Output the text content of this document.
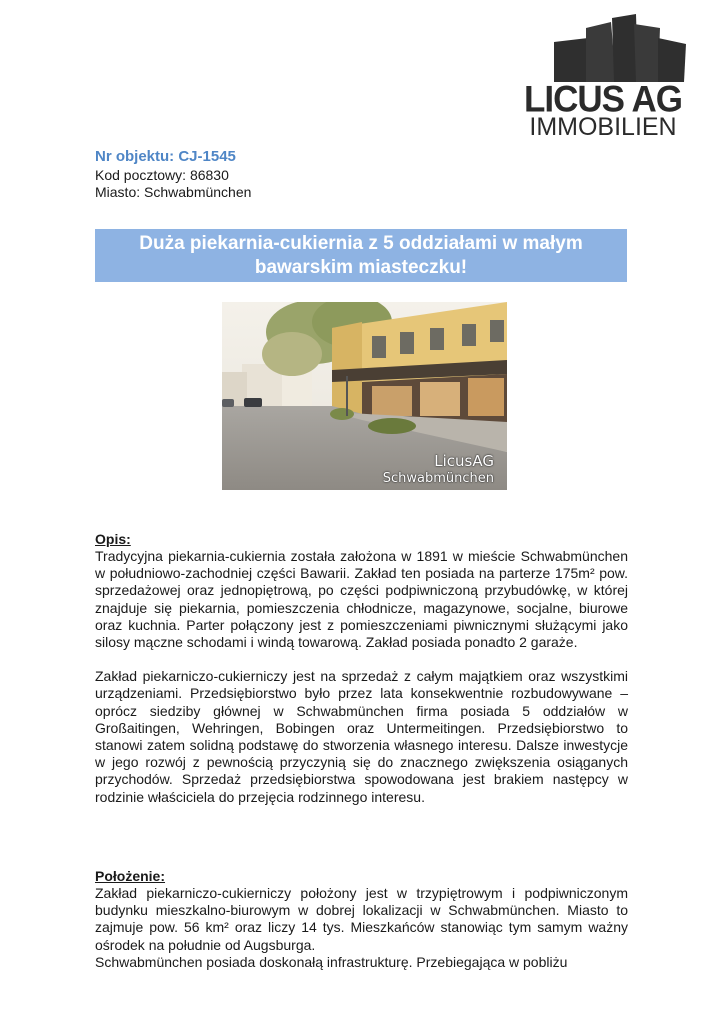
LICUS AG
IMMOBILIEN
Nr objektu: CJ-1545
Kod pocztowy: 86830
Miasto: Schwabmünchen
Duża piekarnia-cukiernia z 5 oddziałami w małym
bawarskim miasteczku!
LicusAG
Schwabmünchen
Opis:

Tradycyjna piekarnia-cukiernia została założona w 1891 w mieście Schwabmünchen w południowo-zachodniej części Bawarii. Zakład ten posiada na parterze 175m² pow. sprzedażowej oraz jednopiętrową, po części podpiwniczoną przybudówkę, w której znajduje się piekarnia, pomieszczenia chłodnicze, magazynowe, socjalne, biurowe oraz kuchnia. Parter połączony jest z pomieszczeniami piwnicznymi służącymi jako silosy mączne schodami i windą towarową. Zakład posiada ponadto 2 garaże.

Zakład piekarniczo-cukierniczy jest na sprzedaż z całym majątkiem oraz wszystkimi urządzeniami. Przedsiębiorstwo było przez lata konsekwentnie rozbudowywane – oprócz siedziby głównej w Schwabmünchen firma posiada 5 oddziałów w Großaitingen, Wehringen, Bobingen oraz Untermeitingen. Przedsiębiorstwo to stanowi zatem solidną podstawę do stworzenia własnego interesu. Dalsze inwestycje w jego rozwój z pewnością przyczynią się do znacznego zwiększenia osiąganych przychodów. Sprzedaż przedsiębiorstwa spowodowana jest brakiem następcy w rodzinie właściciela do przejęcia rodzinnego interesu.

Położenie:

Zakład piekarniczo-cukierniczy położony jest w trzypiętrowym i podpiwniczonym budynku mieszkalno-biurowym w dobrej lokalizacji w Schwabmünchen. Miasto to zajmuje pow. 56 km² oraz liczy 14 tys. Mieszkańców stanowiąc tym samym ważny ośrodek na południe od Augsburga.

Schwabmünchen posiada doskonałą infrastrukturę. Przebiegająca w pobliżu
